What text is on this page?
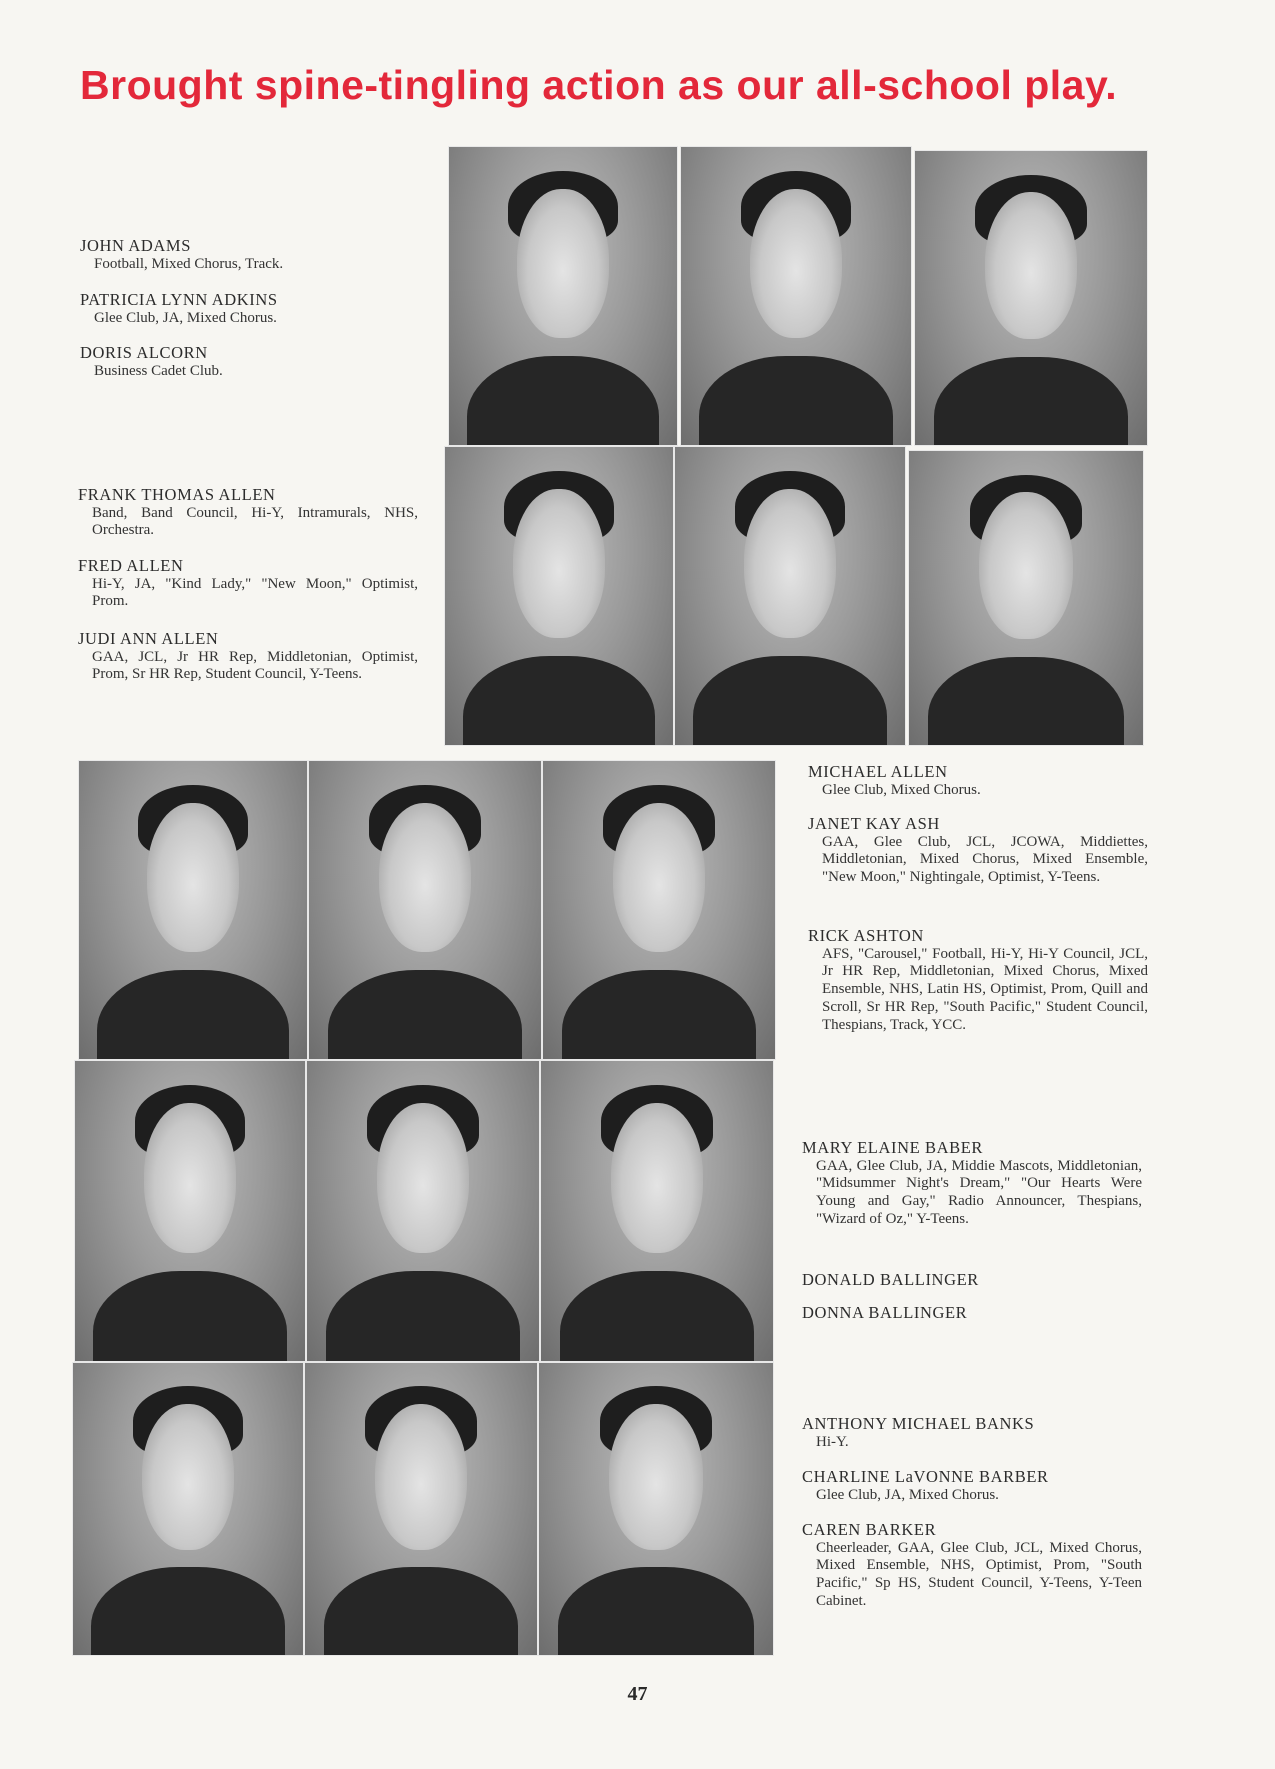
Brought spine-tingling action as our all-school play.
JOHN ADAMS
Football, Mixed Chorus, Track.
PATRICIA LYNN ADKINS
Glee Club, JA, Mixed Chorus.
DORIS ALCORN
Business Cadet Club.
FRANK THOMAS ALLEN
Band, Band Council, Hi-Y, Intramurals, NHS, Orchestra.
FRED ALLEN
Hi-Y, JA, "Kind Lady," "New Moon," Optimist, Prom.
JUDI ANN ALLEN
GAA, JCL, Jr HR Rep, Middletonian, Optimist, Prom, Sr HR Rep, Student Council, Y-Teens.
MICHAEL ALLEN
Glee Club, Mixed Chorus.
JANET KAY ASH
GAA, Glee Club, JCL, JCOWA, Middiettes, Middletonian, Mixed Chorus, Mixed Ensemble, "New Moon," Nightingale, Optimist, Y-Teens.
RICK ASHTON
AFS, "Carousel," Football, Hi-Y, Hi-Y Council, JCL, Jr HR Rep, Middletonian, Mixed Chorus, Mixed Ensemble, NHS, Latin HS, Optimist, Prom, Quill and Scroll, Sr HR Rep, "South Pacific," Student Council, Thespians, Track, YCC.
MARY ELAINE BABER
GAA, Glee Club, JA, Middie Mascots, Middletonian, "Midsummer Night's Dream," "Our Hearts Were Young and Gay," Radio Announcer, Thespians, "Wizard of Oz," Y-Teens.
DONALD BALLINGER
DONNA BALLINGER
ANTHONY MICHAEL BANKS
Hi-Y.
CHARLINE LaVONNE BARBER
Glee Club, JA, Mixed Chorus.
CAREN BARKER
Cheerleader, GAA, Glee Club, JCL, Mixed Chorus, Mixed Ensemble, NHS, Optimist, Prom, "South Pacific," Sp HS, Student Council, Y-Teens, Y-Teen Cabinet.
47
